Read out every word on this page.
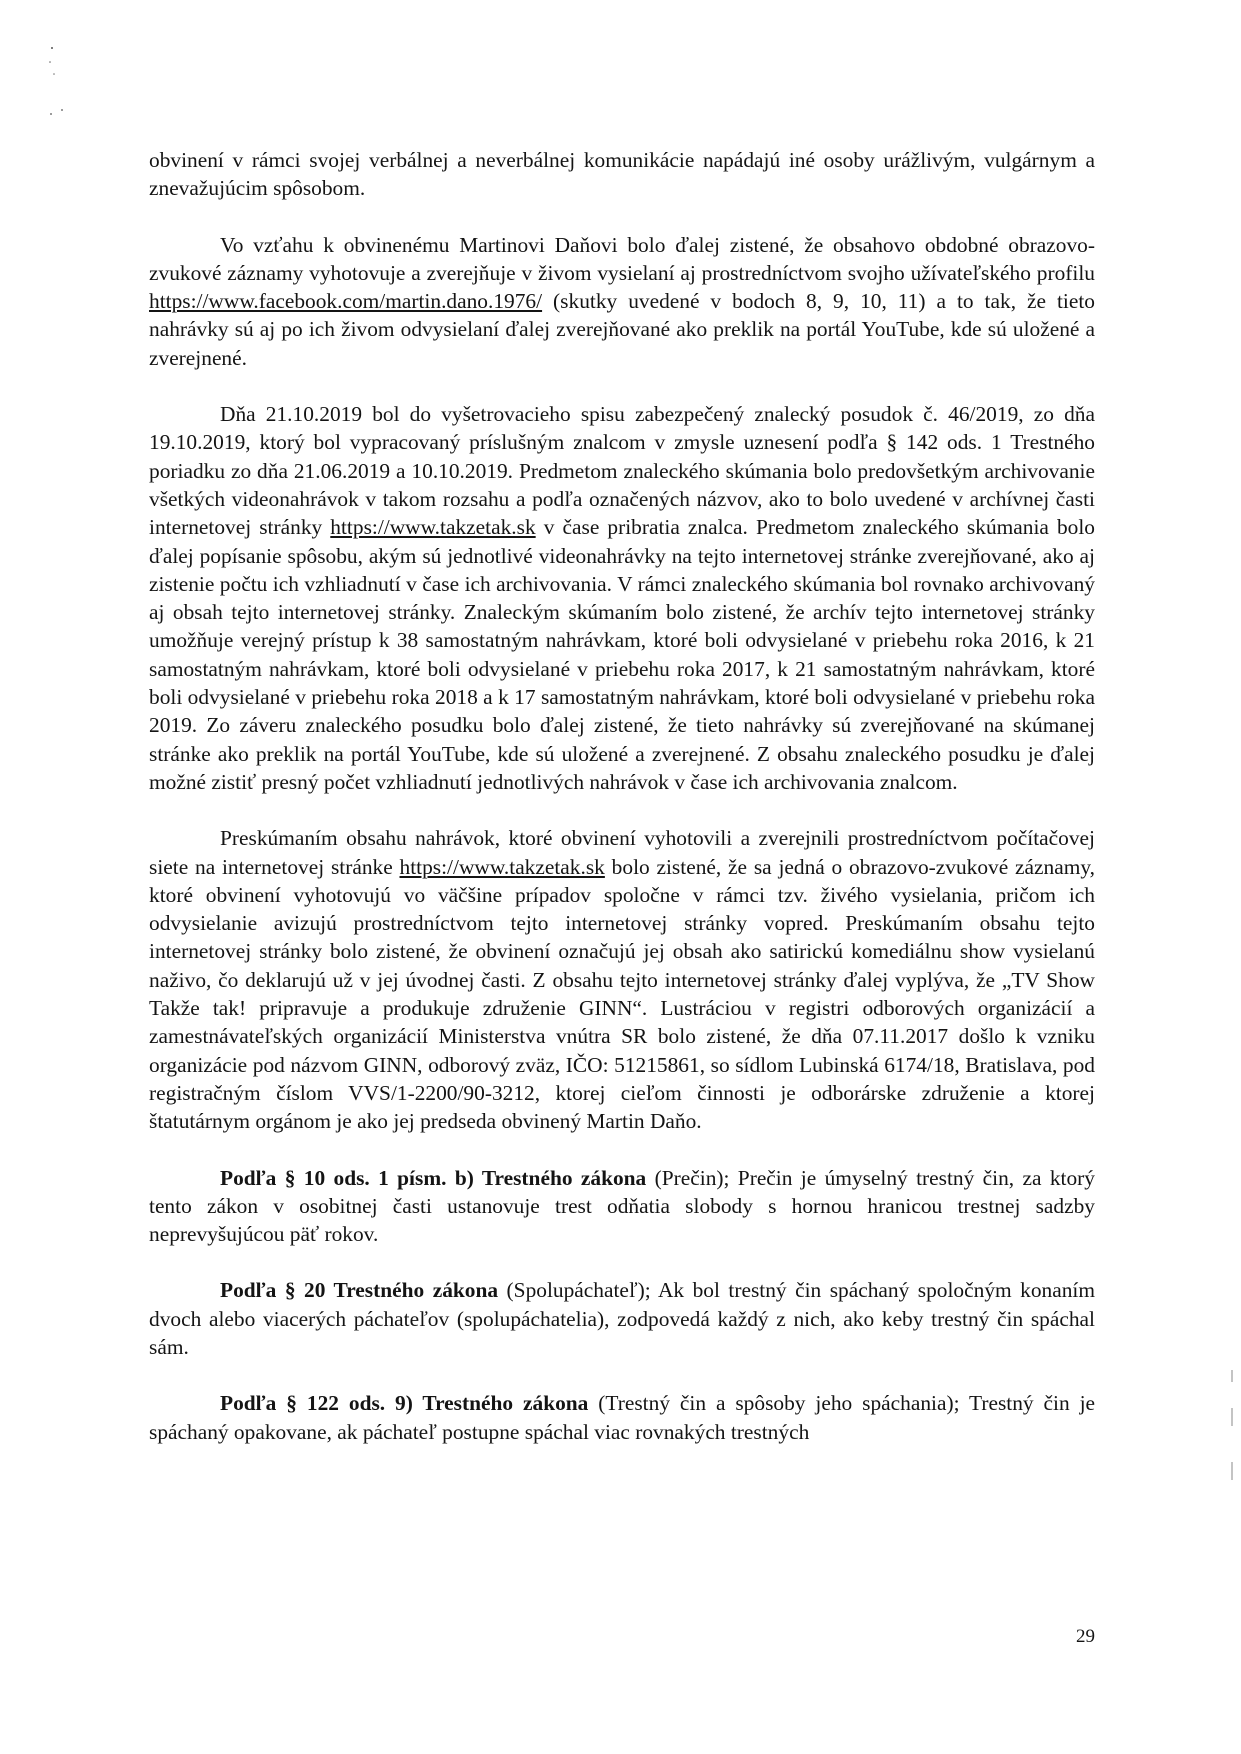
obvinení v rámci svojej verbálnej a neverbálnej komunikácie napádajú iné osoby urážlivým, vulgárnym a znevažujúcim spôsobom.

Vo vzťahu k obvinenému Martinovi Daňovi bolo ďalej zistené, že obsahovo obdobné obrazovo-zvukové záznamy vyhotovuje a zverejňuje v živom vysielaní aj prostredníctvom svojho užívateľského profilu https://www.facebook.com/martin.dano.1976/ (skutky uvedené v bodoch 8, 9, 10, 11) a to tak, že tieto nahrávky sú aj po ich živom odvysielaní ďalej zverejňované ako preklik na portál YouTube, kde sú uložené a zverejnené.

Dňa 21.10.2019 bol do vyšetrovacieho spisu zabezpečený znalecký posudok č. 46/2019, zo dňa 19.10.2019, ktorý bol vypracovaný príslušným znalcom v zmysle uznesení podľa § 142 ods. 1 Trestného poriadku zo dňa 21.06.2019 a 10.10.2019. Predmetom znaleckého skúmania bolo predovšetkým archivovanie všetkých videonahrávok v takom rozsahu a podľa označených názvov, ako to bolo uvedené v archívnej časti internetovej stránky https://www.takzetak.sk v čase pribratia znalca. Predmetom znaleckého skúmania bolo ďalej popísanie spôsobu, akým sú jednotlivé videonahrávky na tejto internetovej stránke zverejňované, ako aj zistenie počtu ich vzhliadnutí v čase ich archivovania. V rámci znaleckého skúmania bol rovnako archivovaný aj obsah tejto internetovej stránky. Znaleckým skúmaním bolo zistené, že archív tejto internetovej stránky umožňuje verejný prístup k 38 samostatným nahrávkam, ktoré boli odvysielané v priebehu roka 2016, k 21 samostatným nahrávkam, ktoré boli odvysielané v priebehu roka 2017, k 21 samostatným nahrávkam, ktoré boli odvysielané v priebehu roka 2018 a k 17 samostatným nahrávkam, ktoré boli odvysielané v priebehu roka 2019. Zo záveru znaleckého posudku bolo ďalej zistené, že tieto nahrávky sú zverejňované na skúmanej stránke ako preklik na portál YouTube, kde sú uložené a zverejnené. Z obsahu znaleckého posudku je ďalej možné zistiť presný počet vzhliadnutí jednotlivých nahrávok v čase ich archivovania znalcom.

Preskúmaním obsahu nahrávok, ktoré obvinení vyhotovili a zverejnili prostredníctvom počítačovej siete na internetovej stránke https://www.takzetak.sk bolo zistené, že sa jedná o obrazovo-zvukové záznamy, ktoré obvinení vyhotovujú vo väčšine prípadov spoločne v rámci tzv. živého vysielania, pričom ich odvysielanie avizujú prostredníctvom tejto internetovej stránky vopred. Preskúmaním obsahu tejto internetovej stránky bolo zistené, že obvinení označujú jej obsah ako satirickú komediálnu show vysielanú naživo, čo deklarujú už v jej úvodnej časti. Z obsahu tejto internetovej stránky ďalej vyplýva, že „TV Show Takže tak! pripravuje a produkuje združenie GINN“. Lustráciou v registri odborových organizácií a zamestnávateľských organizácií Ministerstva vnútra SR bolo zistené, že dňa 07.11.2017 došlo k vzniku organizácie pod názvom GINN, odborový zväz, IČO: 51215861, so sídlom Lubinská 6174/18, Bratislava, pod registračným číslom VVS/1-2200/90-3212, ktorej cieľom činnosti je odborárske združenie a ktorej štatutárnym orgánom je ako jej predseda obvinený Martin Daňo.

Podľa § 10 ods. 1 písm. b) Trestného zákona (Prečin); Prečin je úmyselný trestný čin, za ktorý tento zákon v osobitnej časti ustanovuje trest odňatia slobody s hornou hranicou trestnej sadzby neprevyšujúcou päť rokov.

Podľa § 20 Trestného zákona (Spolupáchateľ); Ak bol trestný čin spáchaný spoločným konaním dvoch alebo viacerých páchateľov (spolupáchatelia), zodpovedá každý z nich, ako keby trestný čin spáchal sám.

Podľa § 122 ods. 9) Trestného zákona (Trestný čin a spôsoby jeho spáchania); Trestný čin je spáchaný opakovane, ak páchateľ postupne spáchal viac rovnakých trestných

29
